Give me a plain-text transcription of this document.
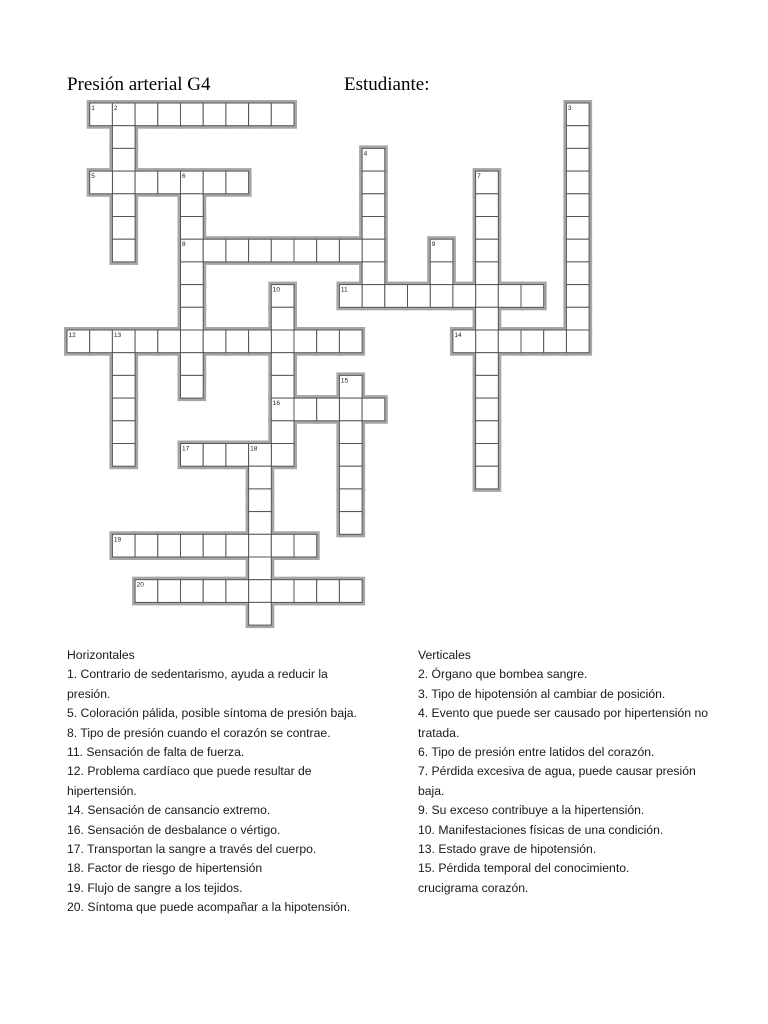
Presión arterial G4	Estudiante:
1	2	3
4
5	6
8
7
9
10
16
11
12	13	14
15
17	18
19
20

Horizontales

1. Contrario de sedentarismo, ayuda a reducir la presión.

5. Coloración pálida, posible síntoma de presión baja.

8. Tipo de presión cuando el corazón se contrae.

11. Sensación de falta de fuerza.

12. Problema cardíaco que puede resultar de hipertensión.

14. Sensación de cansancio extremo.

16. Sensación de desbalance o vértigo.

17. Transportan la sangre a través del cuerpo.

18. Factor de riesgo de hipertensión

19. Flujo de sangre a los tejidos.

20. Síntoma que puede acompañar a la hipotensión.

Verticales

2. Órgano que bombea sangre.

3. Tipo de hipotensión al cambiar de posición.

4. Evento que puede ser causado por hipertensión no tratada.

6. Tipo de presión entre latidos del corazón.

7. Pérdida excesiva de agua, puede causar presión baja.

9. Su exceso contribuye a la hipertensión.

10. Manifestaciones físicas de una condición.

13. Estado grave de hipotensión.

15. Pérdida temporal del conocimiento.

crucigrama corazón.
